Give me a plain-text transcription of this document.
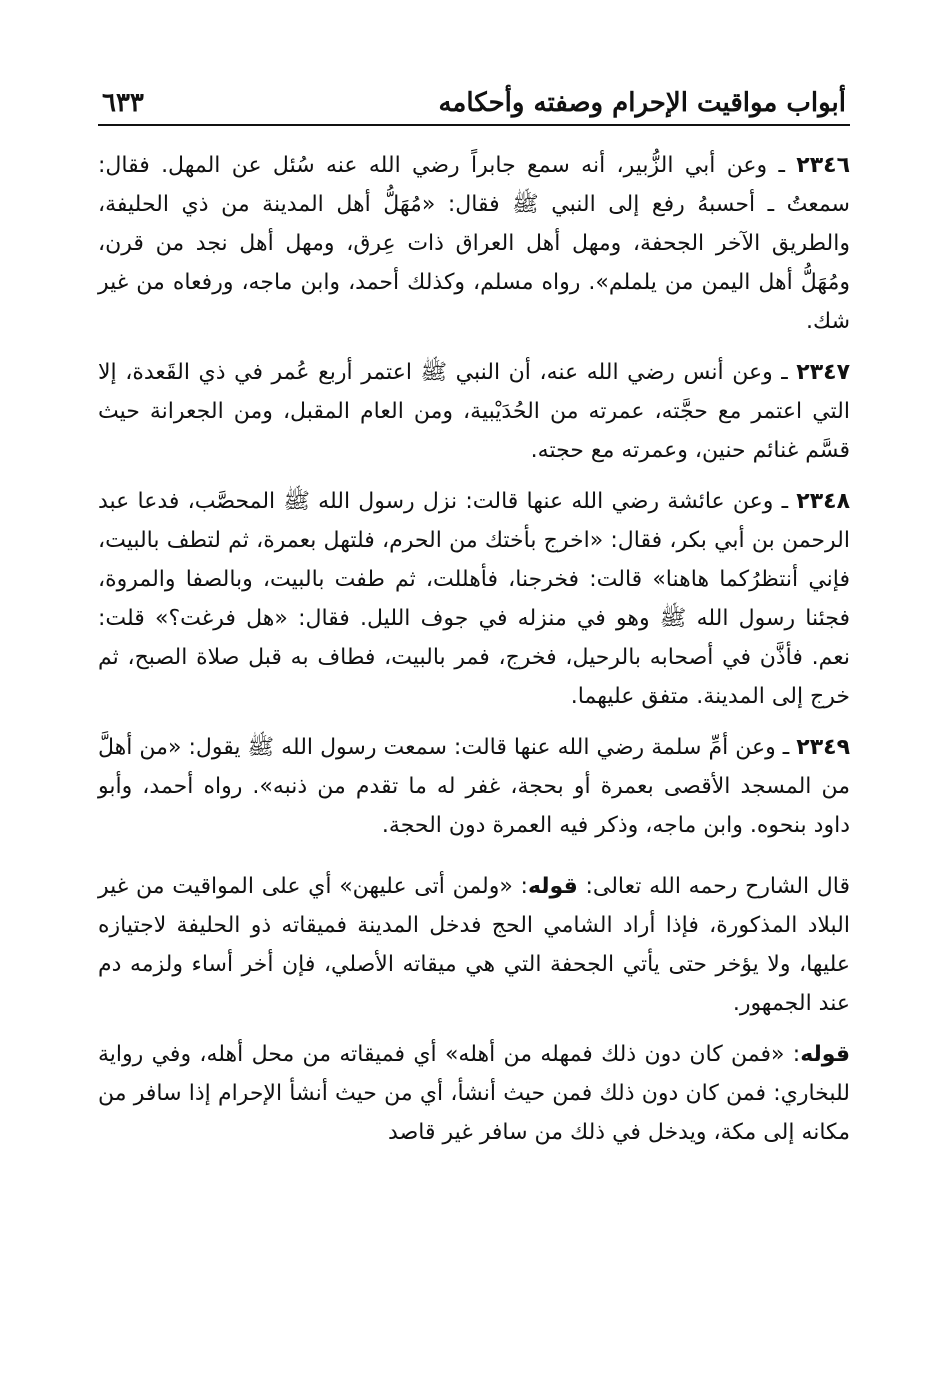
أبواب مواقيت الإحرام وصفته وأحكامه
٦٣٣

٢٣٤٦ ـ وعن أبي الزُّبير، أنه سمع جابراً رضي الله عنه سُئل عن المهل. فقال: سمعتُ ـ أحسبهُ رفع إلى النبي ﷺ فقال: «مُهَلُّ أهل المدينة من ذي الحليفة، والطريق الآخر الجحفة، ومهل أهل العراق ذات عِرق، ومهل أهل نجد من قرن، ومُهَلُّ أهل اليمن من يلملم». رواه مسلم، وكذلك أحمد، وابن ماجه، ورفعاه من غير شك.

٢٣٤٧ ـ وعن أنس رضي الله عنه، أن النبي ﷺ اعتمر أربع عُمر في ذي القَعدة، إلا التي اعتمر مع حجَّته، عمرته من الحُدَيْبية، ومن العام المقبل، ومن الجعرانة حيث قسَّم غنائم حنين، وعمرته مع حجته.

٢٣٤٨ ـ وعن عائشة رضي الله عنها قالت: نزل رسول الله ﷺ المحصَّب، فدعا عبد الرحمن بن أبي بكر، فقال: «اخرج بأختك من الحرم، فلتهل بعمرة، ثم لتطف بالبيت، فإني أنتظرُكما هاهنا» قالت: فخرجنا، فأهللت، ثم طفت بالبيت، وبالصفا والمروة، فجئنا رسول الله ﷺ وهو في منزله في جوف الليل. فقال: «هل فرغت؟» قلت: نعم. فأذَّن في أصحابه بالرحيل، فخرج، فمر بالبيت، فطاف به قبل صلاة الصبح، ثم خرج إلى المدينة. متفق عليهما.

٢٣٤٩ ـ وعن أمِّ سلمة رضي الله عنها قالت: سمعت رسول الله ﷺ يقول: «من أهلَّ من المسجد الأقصى بعمرة أو بحجة، غفر له ما تقدم من ذنبه». رواه أحمد، وأبو داود بنحوه. وابن ماجه، وذكر فيه العمرة دون الحجة.

قال الشارح رحمه الله تعالى: قوله: «ولمن أتى عليهن» أي على المواقيت من غير البلاد المذكورة، فإذا أراد الشامي الحج فدخل المدينة فميقاته ذو الحليفة لاجتيازه عليها، ولا يؤخر حتى يأتي الجحفة التي هي ميقاته الأصلي، فإن أخر أساء ولزمه دم عند الجمهور.

قوله: «فمن كان دون ذلك فمهله من أهله» أي فميقاته من محل أهله، وفي رواية للبخاري: فمن كان دون ذلك فمن حيث أنشأ، أي من حيث أنشأ الإحرام إذا سافر من مكانه إلى مكة، ويدخل في ذلك من سافر غير قاصد
